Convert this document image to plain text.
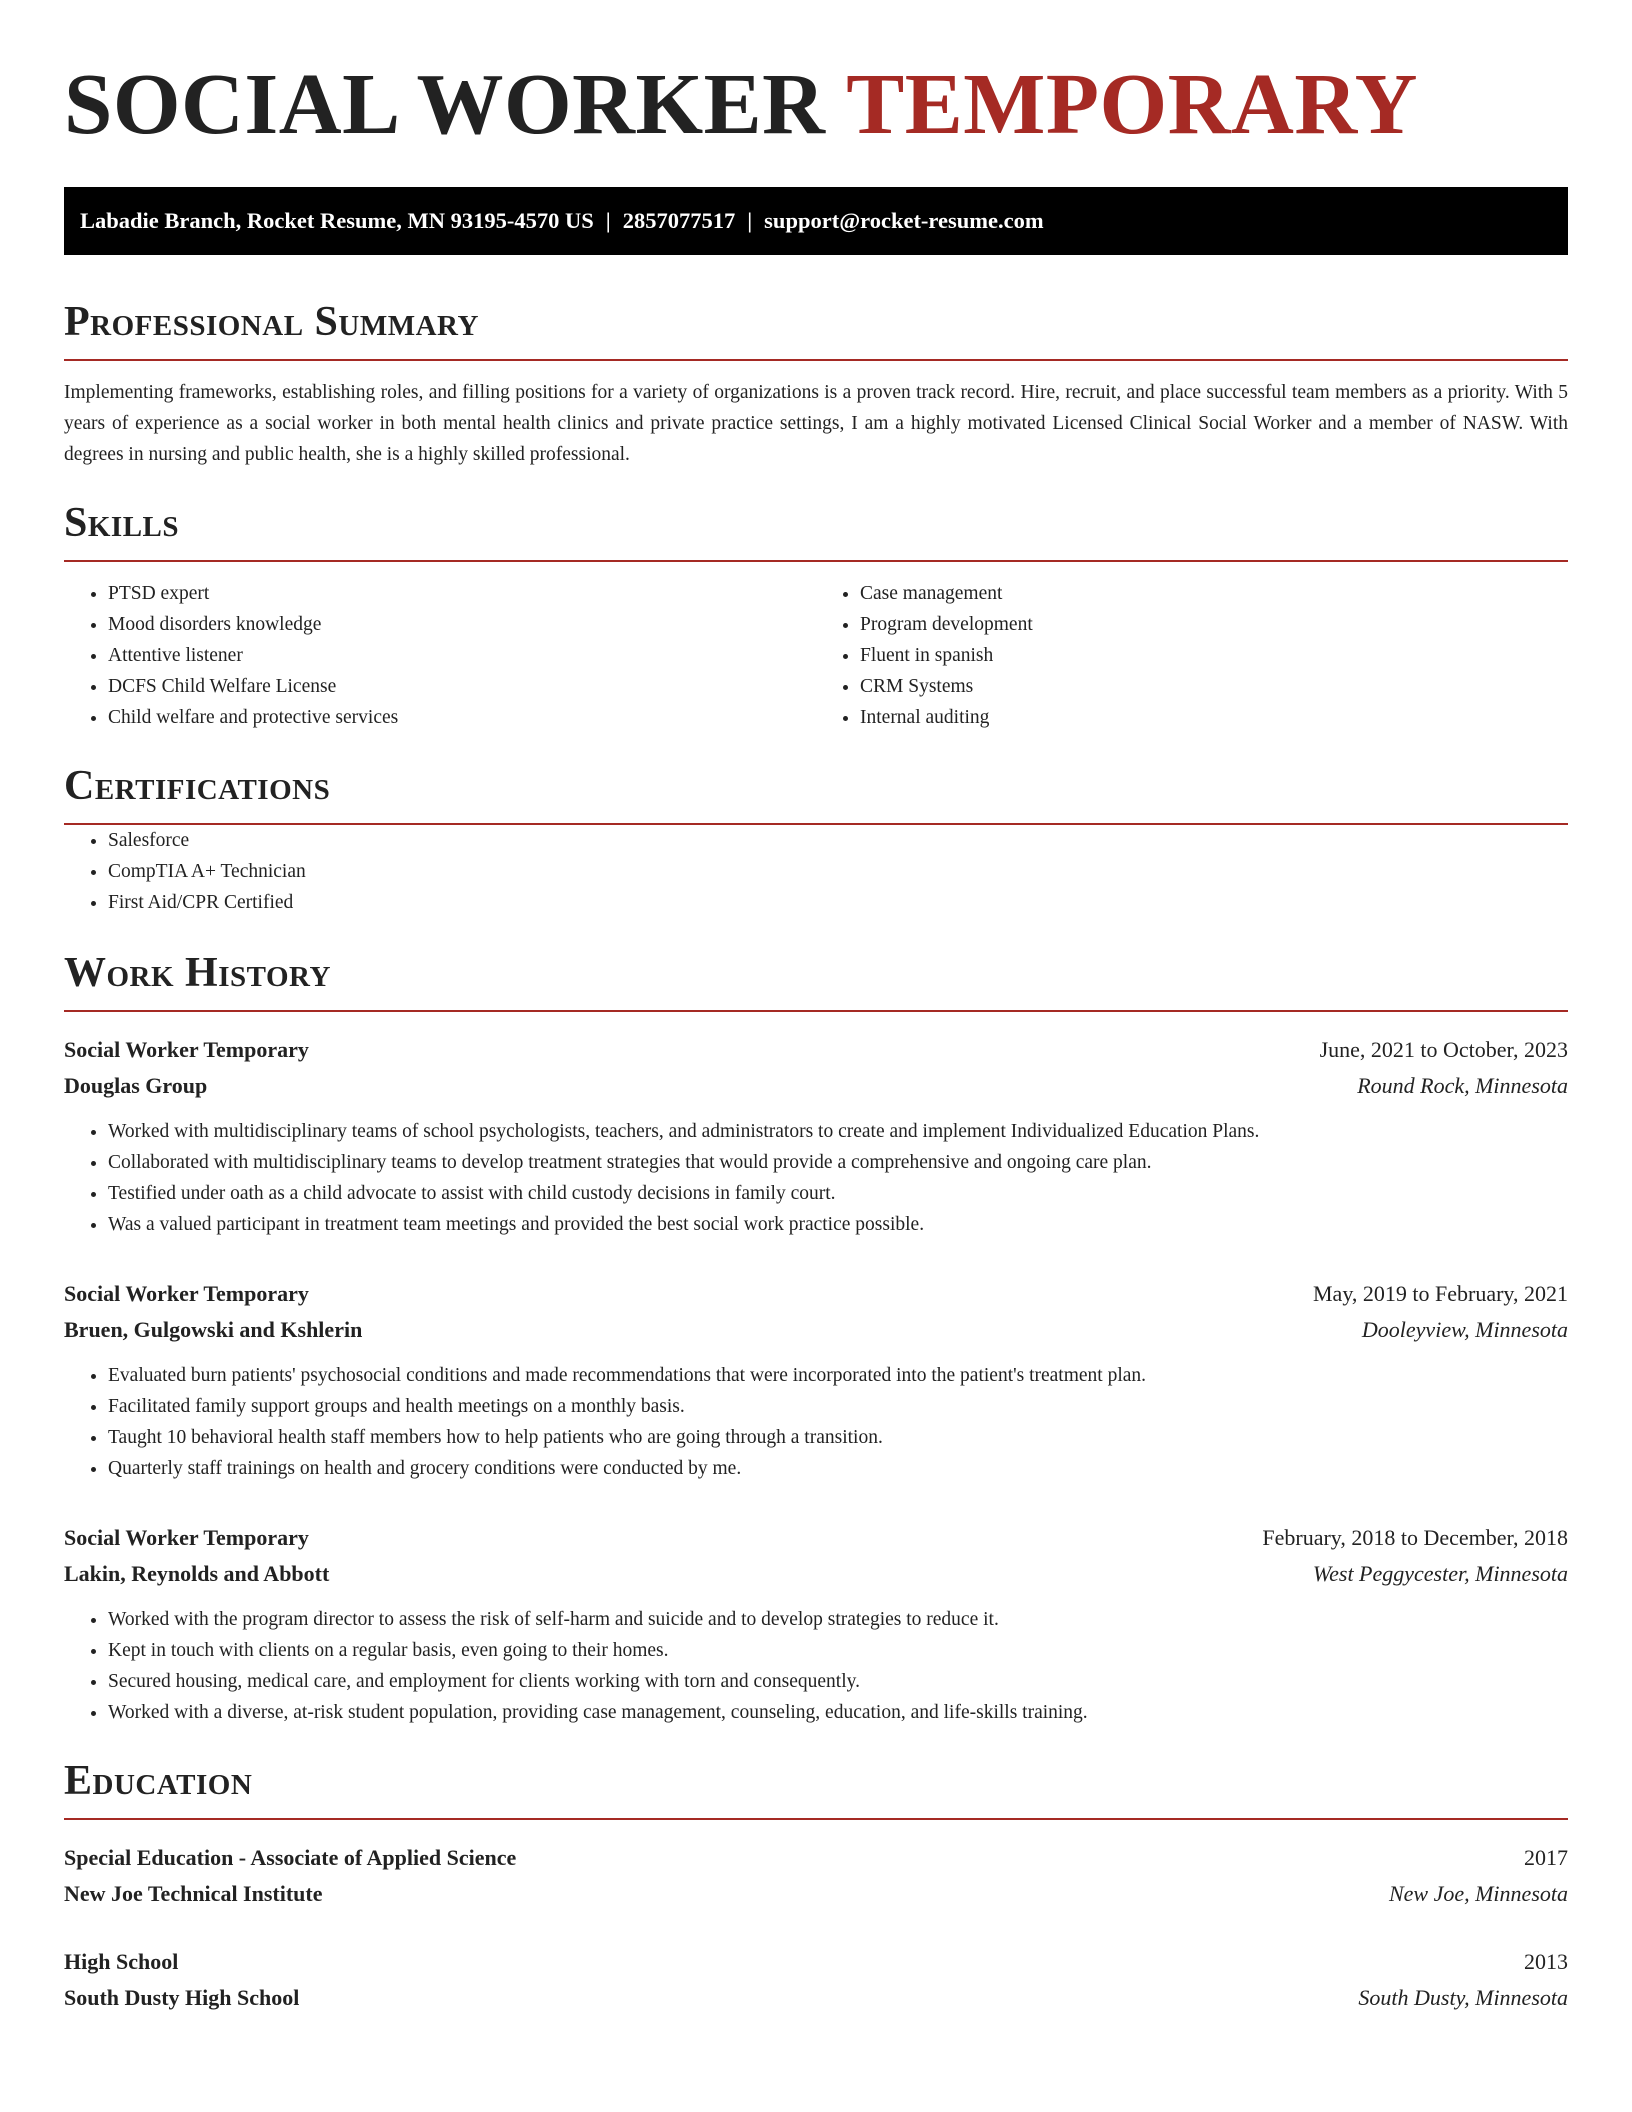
SOCIAL WORKER TEMPORARY
Labadie Branch, Rocket Resume, MN 93195-4570 US | 2857077517 | support@rocket-resume.com
Professional Summary

Implementing frameworks, establishing roles, and filling positions for a variety of organizations is a proven track record. Hire, recruit, and place successful team members as a priority. With 5 years of experience as a social worker in both mental health clinics and private practice settings, I am a highly motivated Licensed Clinical Social Worker and a member of NASW. With degrees in nursing and public health, she is a highly skilled professional.

Skills
• PTSD expert
• Mood disorders knowledge
• Attentive listener
• DCFS Child Welfare License
• Child welfare and protective services
• Case management
• Program development
• Fluent in spanish
• CRM Systems
• Internal auditing
Certifications
• Salesforce
• CompTIA A+ Technician
• First Aid/CPR Certified
Work History
Social Worker Temporary	June, 2021 to October, 2023
Douglas Group	Round Rock, Minnesota
• Worked with multidisciplinary teams of school psychologists, teachers, and administrators to create and implement Individualized Education Plans.
• Collaborated with multidisciplinary teams to develop treatment strategies that would provide a comprehensive and ongoing care plan.
• Testified under oath as a child advocate to assist with child custody decisions in family court.
• Was a valued participant in treatment team meetings and provided the best social work practice possible.
Social Worker Temporary	May, 2019 to February, 2021
Bruen, Gulgowski and Kshlerin	Dooleyview, Minnesota
• Evaluated burn patients' psychosocial conditions and made recommendations that were incorporated into the patient's treatment plan.
• Facilitated family support groups and health meetings on a monthly basis.
• Taught 10 behavioral health staff members how to help patients who are going through a transition.
• Quarterly staff trainings on health and grocery conditions were conducted by me.
Social Worker Temporary	February, 2018 to December, 2018
Lakin, Reynolds and Abbott	West Peggycester, Minnesota
• Worked with the program director to assess the risk of self-harm and suicide and to develop strategies to reduce it.
• Kept in touch with clients on a regular basis, even going to their homes.
• Secured housing, medical care, and employment for clients working with torn and consequently.
• Worked with a diverse, at-risk student population, providing case management, counseling, education, and life-skills training.
Education
Special Education - Associate of Applied Science	2017
New Joe Technical Institute	New Joe, Minnesota
High School	2013
South Dusty High School	South Dusty, Minnesota
